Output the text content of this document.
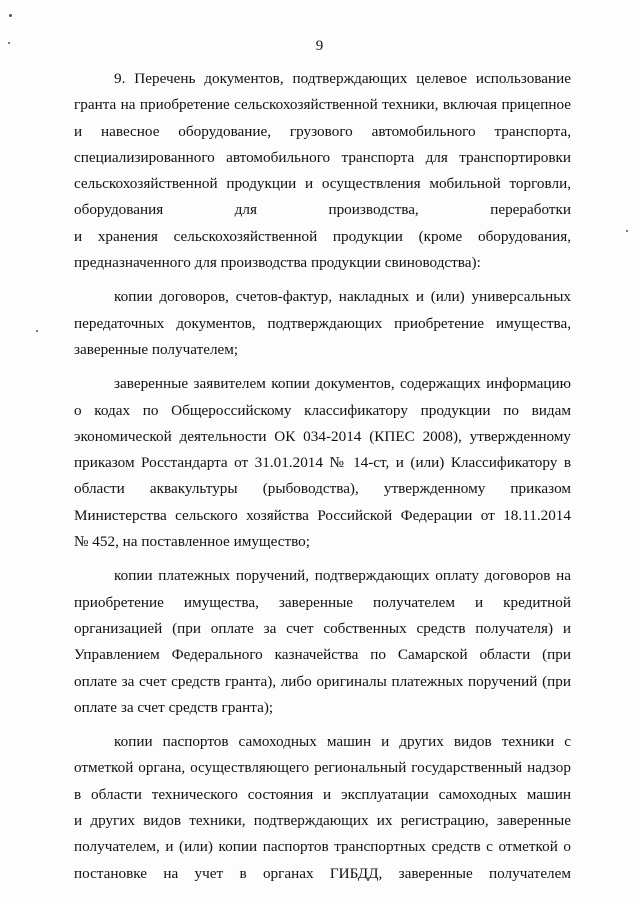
9
9. Перечень документов, подтверждающих целевое использование
гранта на приобретение сельскохозяйственной техники, включая прицепное
и навесное оборудование, грузового автомобильного транспорта,
специализированного автомобильного транспорта для транспортировки
сельскохозяйственной продукции и осуществления мобильной торговли,
оборудования для производства, переработки
и хранения сельскохозяйственной продукции (кроме оборудования,
предназначенного для производства продукции свиноводства):
копии договоров, счетов-фактур, накладных и (или) универсальных
передаточных документов, подтверждающих приобретение имущества,
заверенные получателем;
заверенные заявителем копии документов, содержащих информацию
о кодах по Общероссийскому классификатору продукции по видам
экономической деятельности ОК 034-2014 (КПЕС 2008), утвержденному
приказом Росстандарта от 31.01.2014 № 14-ст, и (или) Классификатору в
области аквакультуры (рыбоводства), утвержденному приказом
Министерства сельского хозяйства Российской Федерации от 18.11.2014
№ 452, на поставленное имущество;
копии платежных поручений, подтверждающих оплату договоров на
приобретение имущества, заверенные получателем и кредитной
организацией (при оплате за счет собственных средств получателя) и
Управлением Федерального казначейства по Самарской области (при
оплате за счет средств гранта), либо оригиналы платежных поручений (при
оплате за счет средств гранта);
копии паспортов самоходных машин и других видов техники с
отметкой органа, осуществляющего региональный государственный надзор
в области технического состояния и эксплуатации самоходных машин
и других видов техники, подтверждающих их регистрацию, заверенные
получателем, и (или) копии паспортов транспортных средств с отметкой о
постановке на учет в органах ГИБДД, заверенные получателем
